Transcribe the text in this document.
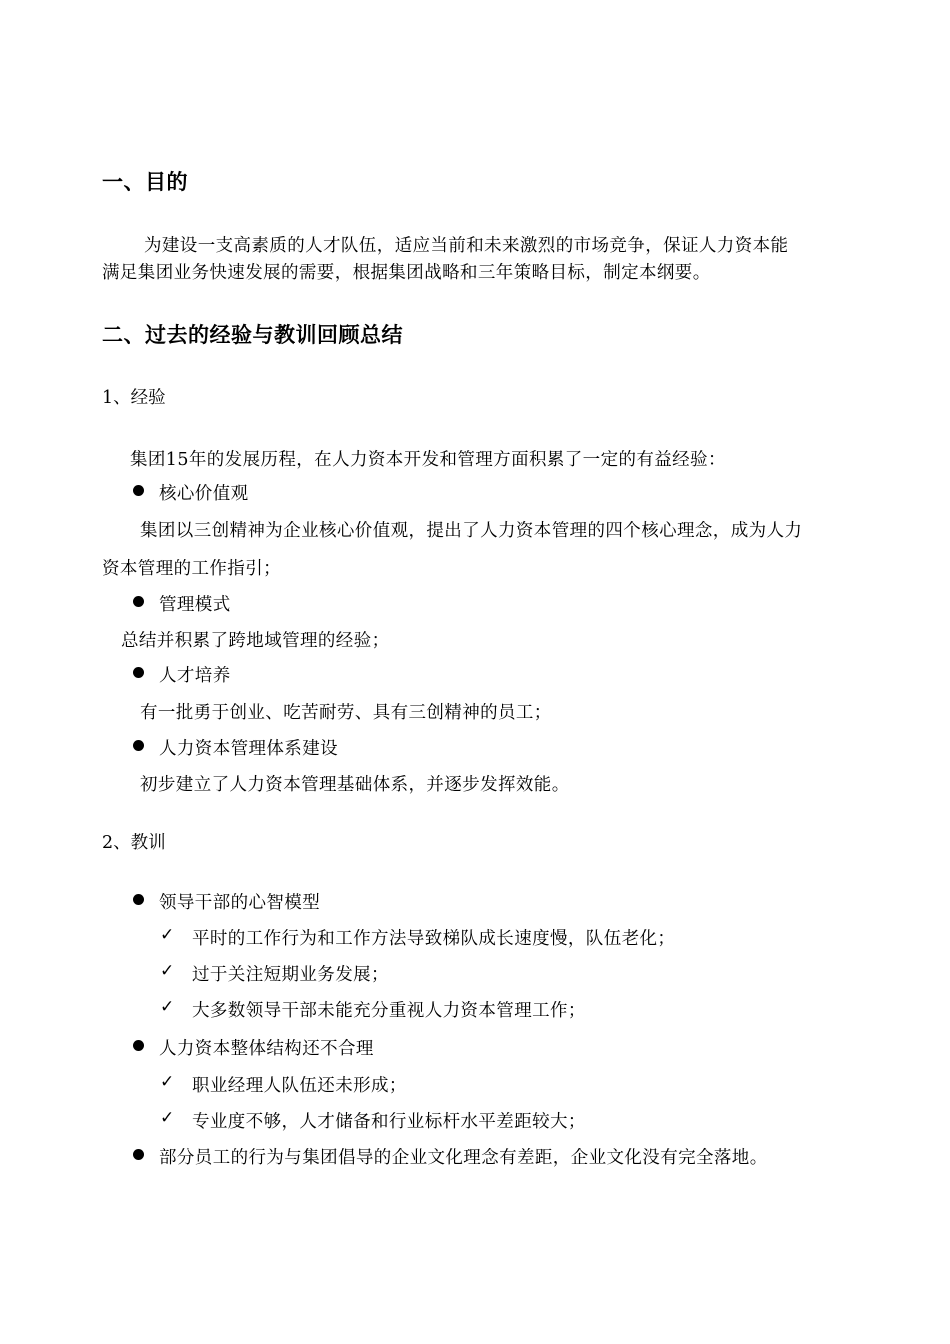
一、目的
为建设一支高素质的人才队伍，适应当前和未来激烈的市场竞争，保证人力资本能
满足集团业务快速发展的需要，根据集团战略和三年策略目标，制定本纲要。
二、过去的经验与教训回顾总结
1、经验
集团15年的发展历程，在人力资本开发和管理方面积累了一定的有益经验：
核心价值观
集团以三创精神为企业核心价值观，提出了人力资本管理的四个核心理念，成为人力
资本管理的工作指引；
管理模式
总结并积累了跨地域管理的经验；
人才培养
有一批勇于创业、吃苦耐劳、具有三创精神的员工；
人力资本管理体系建设
初步建立了人力资本管理基础体系，并逐步发挥效能。
2、教训
领导干部的心智模型
✓ 平时的工作行为和工作方法导致梯队成长速度慢，队伍老化；
✓ 过于关注短期业务发展；
✓ 大多数领导干部未能充分重视人力资本管理工作；
人力资本整体结构还不合理
✓ 职业经理人队伍还未形成；
✓ 专业度不够，人才储备和行业标杆水平差距较大；
部分员工的行为与集团倡导的企业文化理念有差距，企业文化没有完全落地。
